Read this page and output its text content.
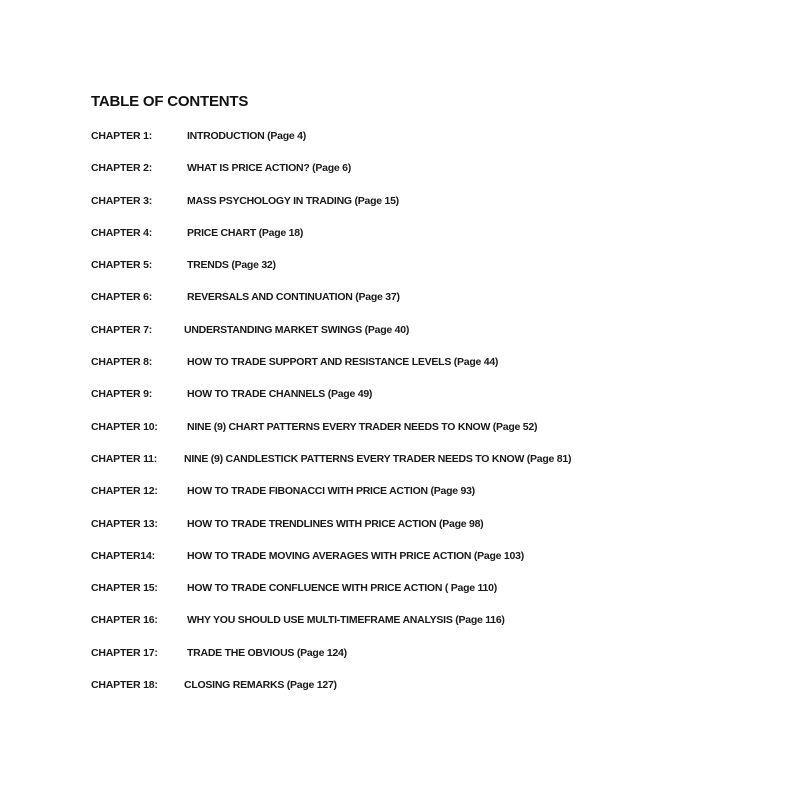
TABLE OF CONTENTS
CHAPTER 1:	INTRODUCTION (Page 4)
CHAPTER 2:	WHAT IS PRICE ACTION? (Page 6)
CHAPTER 3:	MASS PSYCHOLOGY IN TRADING (Page 15)
CHAPTER 4:	PRICE CHART (Page 18)
CHAPTER 5:	TRENDS (Page 32)
CHAPTER 6:	REVERSALS AND CONTINUATION (Page 37)
CHAPTER 7:	UNDERSTANDING MARKET SWINGS (Page 40)
CHAPTER 8:	HOW TO TRADE SUPPORT AND RESISTANCE LEVELS (Page 44)
CHAPTER 9:	HOW TO TRADE CHANNELS (Page 49)
CHAPTER 10:	NINE (9) CHART PATTERNS EVERY TRADER NEEDS TO KNOW (Page 52)
CHAPTER 11:	NINE (9) CANDLESTICK PATTERNS EVERY TRADER NEEDS TO KNOW (Page 81)
CHAPTER 12:	HOW TO TRADE FIBONACCI WITH PRICE ACTION (Page 93)
CHAPTER 13:	HOW TO TRADE TRENDLINES WITH PRICE ACTION (Page 98)
CHAPTER14:	HOW TO TRADE MOVING AVERAGES WITH PRICE ACTION (Page 103)
CHAPTER 15:	HOW TO TRADE CONFLUENCE WITH PRICE ACTION ( Page 110)
CHAPTER 16:	WHY YOU SHOULD USE MULTI-TIMEFRAME ANALYSIS (Page 116)
CHAPTER 17:	TRADE THE OBVIOUS (Page 124)
CHAPTER 18:	CLOSING REMARKS (Page 127)
